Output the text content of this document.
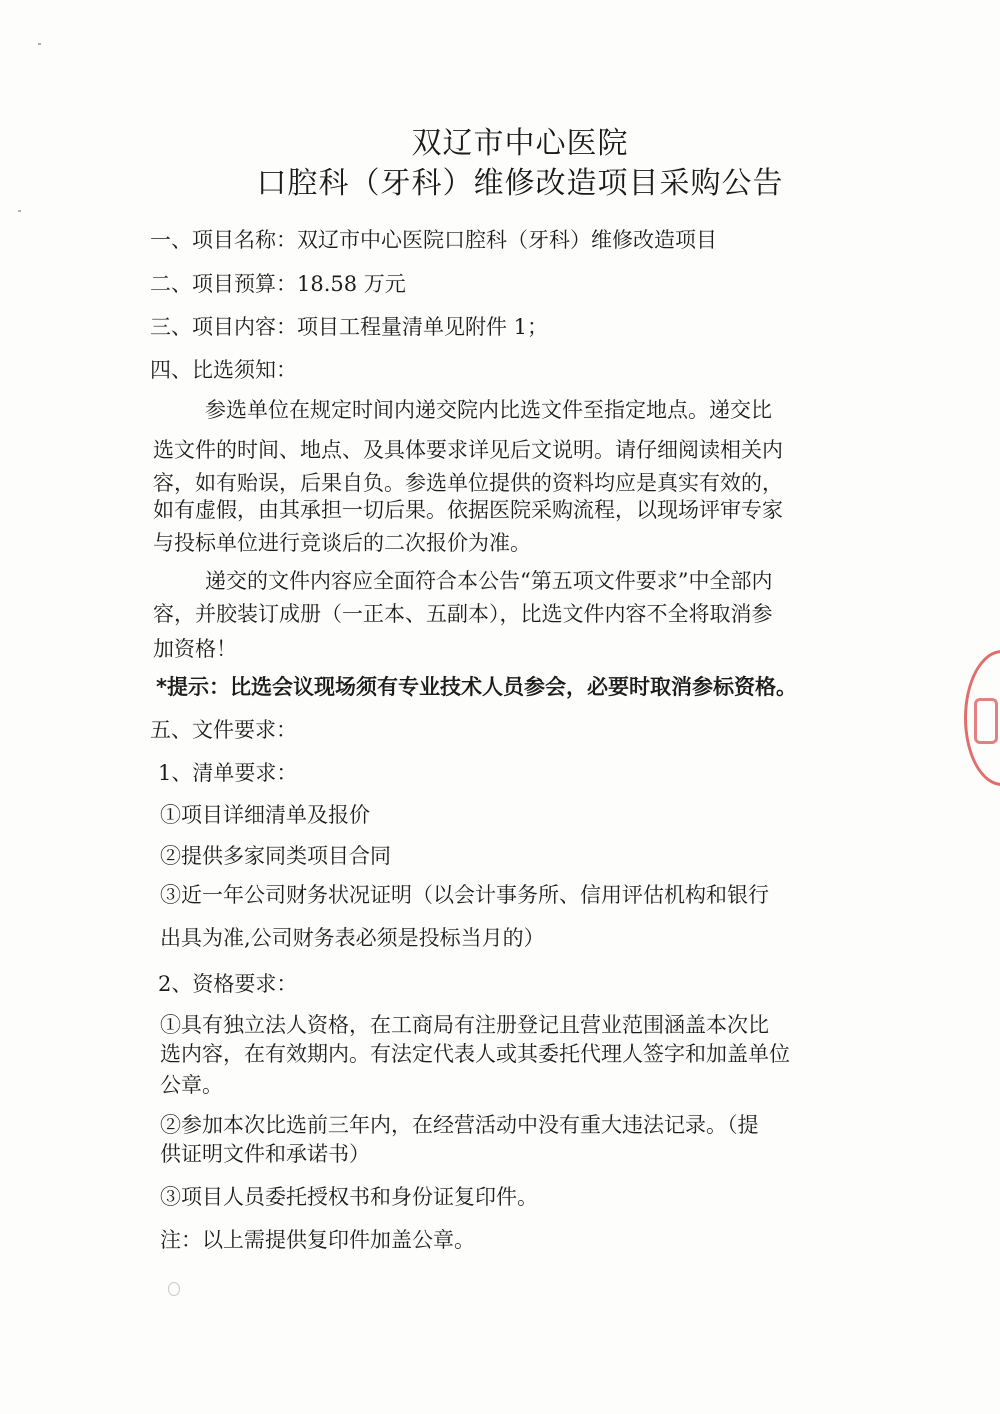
双辽市中心医院
口腔科（牙科）维修改造项目采购公告
一、项目名称：双辽市中心医院口腔科（牙科）维修改造项目
二、项目预算：18.58 万元
三、项目内容：项目工程量清单见附件 1；
四、比选须知：
参选单位在规定时间内递交院内比选文件至指定地点。递交比
选文件的时间、地点、及具体要求详见后文说明。请仔细阅读相关内
容，如有贻误，后果自负。参选单位提供的资料均应是真实有效的，
如有虚假，由其承担一切后果。依据医院采购流程，以现场评审专家
与投标单位进行竞谈后的二次报价为准。
递交的文件内容应全面符合本公告“第五项文件要求”中全部内
容，并胶装订成册（一正本、五副本），比选文件内容不全将取消参
加资格！
*提示：比选会议现场须有专业技术人员参会，必要时取消参标资格。
五、文件要求：
1、清单要求：
①项目详细清单及报价
②提供多家同类项目合同
③近一年公司财务状况证明（以会计事务所、信用评估机构和银行
出具为准,公司财务表必须是投标当月的）
2、资格要求：
①具有独立法人资格，在工商局有注册登记且营业范围涵盖本次比
选内容，在有效期内。有法定代表人或其委托代理人签字和加盖单位
公章。
②参加本次比选前三年内，在经营活动中没有重大违法记录。（提
供证明文件和承诺书）
③项目人员委托授权书和身份证复印件。
注：以上需提供复印件加盖公章。
